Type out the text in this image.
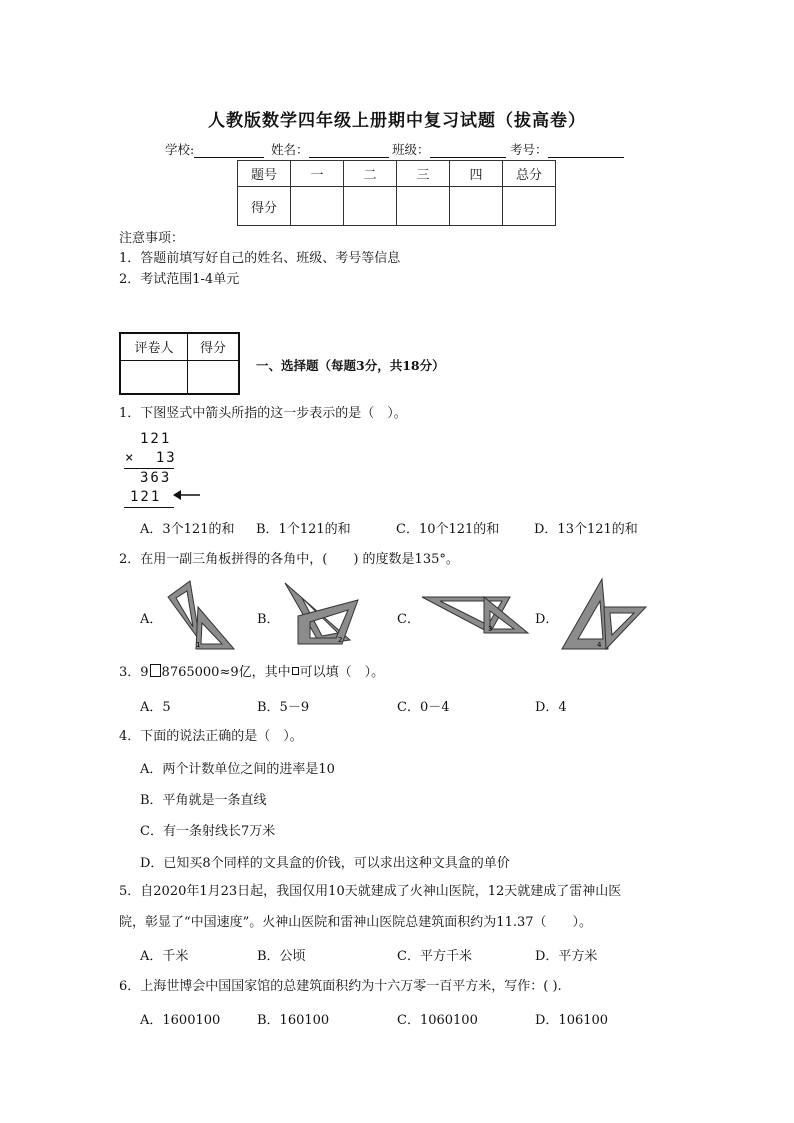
人教版数学四年级上册期中复习试题（拔高卷）
学校:	姓名：	班级：	考号：
题号	一	二	三	四	总分
得分					
注意事项：
1．答题前填写好自己的姓名、班级、考号等信息
2．考试范围1-4单元
评卷人	得分

一、选择题（每题3分，共18分）
1．下图竖式中箭头所指的这一步表示的是（　）。
121
× 13
363
121
A．3个121的和 B．1个121的和	C．10个121的和	D．13个121的和
2．在用一副三角板拼得的各角中，(　　) 的度数是135°。
A．	B．	C．	D．
1
2
3
4
3．9 8765000≈9亿，其中 可以填（　）。
A．5	B．5－9	C．0－4	D．4
4．下面的说法正确的是（　）。
A．两个计数单位之间的进率是10
B．平角就是一条直线
C．有一条射线长7万米
D．已知买8个同样的文具盒的价钱，可以求出这种文具盒的单价
5．自2020年1月23日起，我国仅用10天就建成了火神山医院，12天就建成了雷神山医
院，彰显了“中国速度”。火神山医院和雷神山医院总建筑面积约为11.37（　　）。
A．千米	B．公顷	C．平方千米	D．平方米
6．上海世博会中国国家馆的总建筑面积约为十六万零一百平方米，写作：( ).
A．1600100	B．160100	C．1060100	D．106100
